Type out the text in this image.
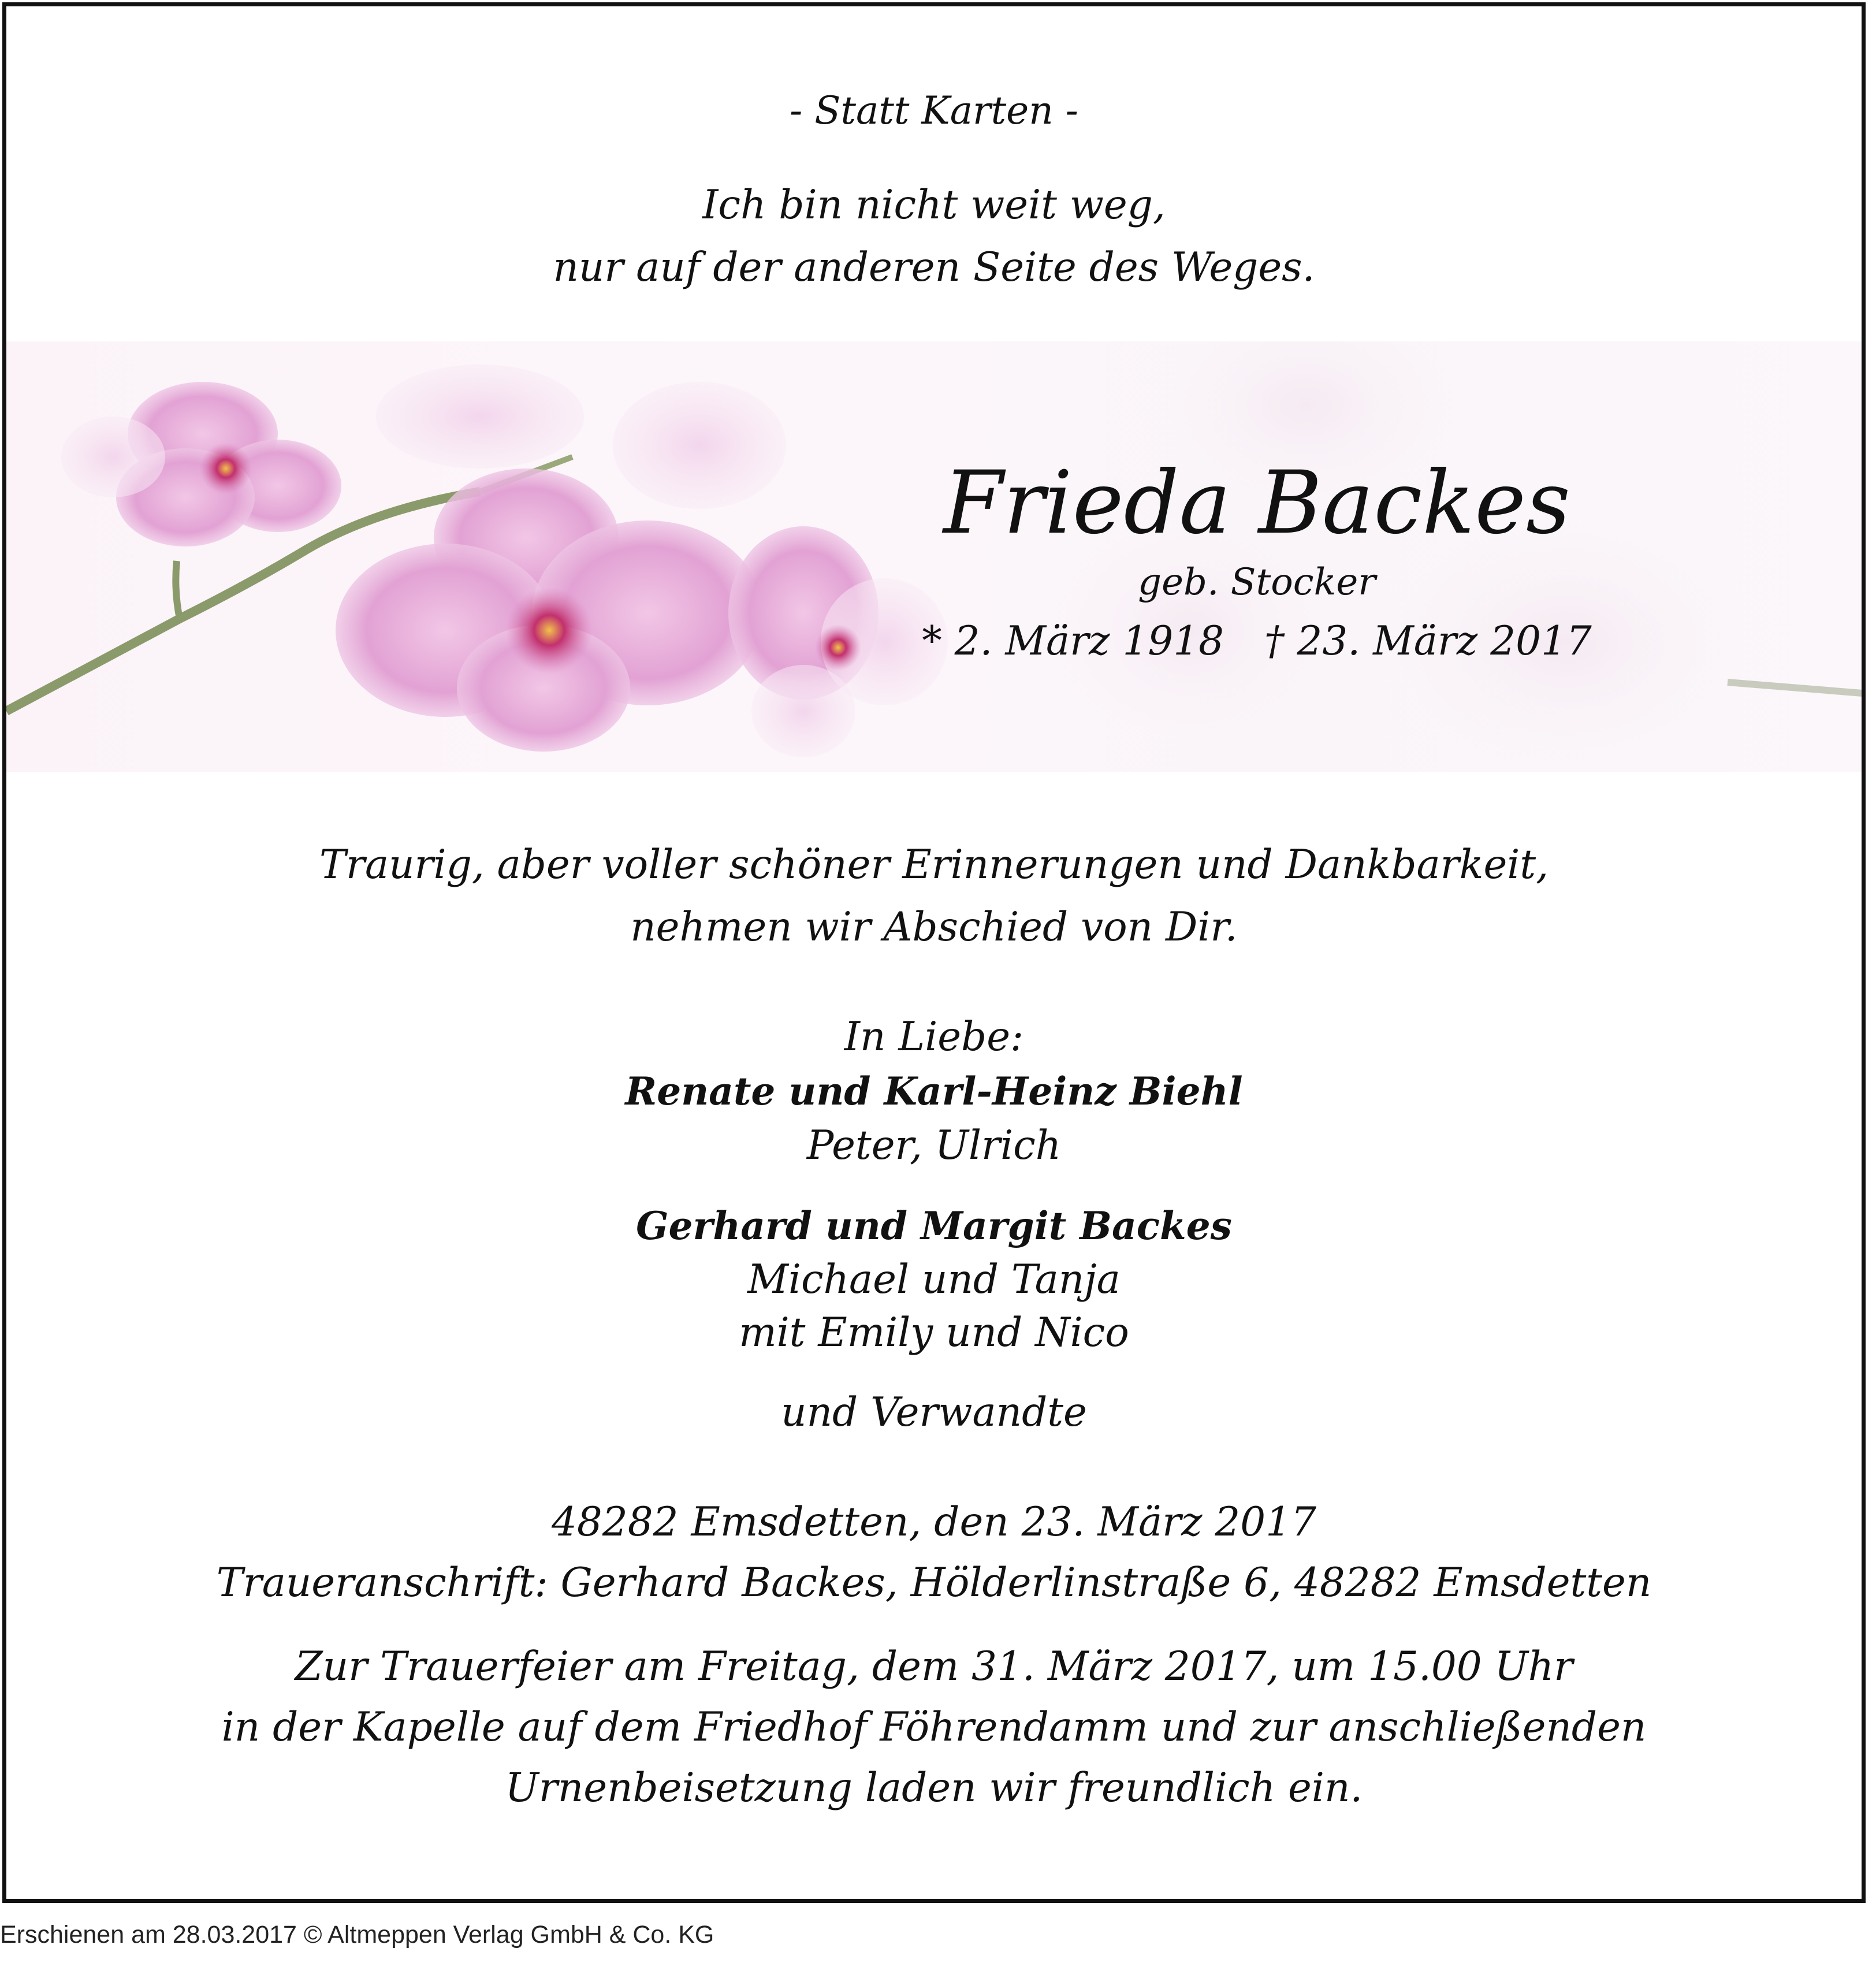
- Statt Karten -
Ich bin nicht weit weg,
nur auf der anderen Seite des Weges.
Frieda Backes
geb. Stocker
* 2. März 1918 † 23. März 2017
Traurig, aber voller schöner Erinnerungen und Dankbarkeit,
nehmen wir Abschied von Dir.
In Liebe:
Renate und Karl-Heinz Biehl
Peter, Ulrich
Gerhard und Margit Backes
Michael und Tanja
mit Emily und Nico
und Verwandte
48282 Emsdetten, den 23. März 2017
Traueranschrift: Gerhard Backes, Hölderlinstraße 6, 48282 Emsdetten
Zur Trauerfeier am Freitag, dem 31. März 2017, um 15.00 Uhr
in der Kapelle auf dem Friedhof Föhrendamm und zur anschließenden
Urnenbeisetzung laden wir freundlich ein.
Erschienen am 28.03.2017 © Altmeppen Verlag GmbH & Co. KG
